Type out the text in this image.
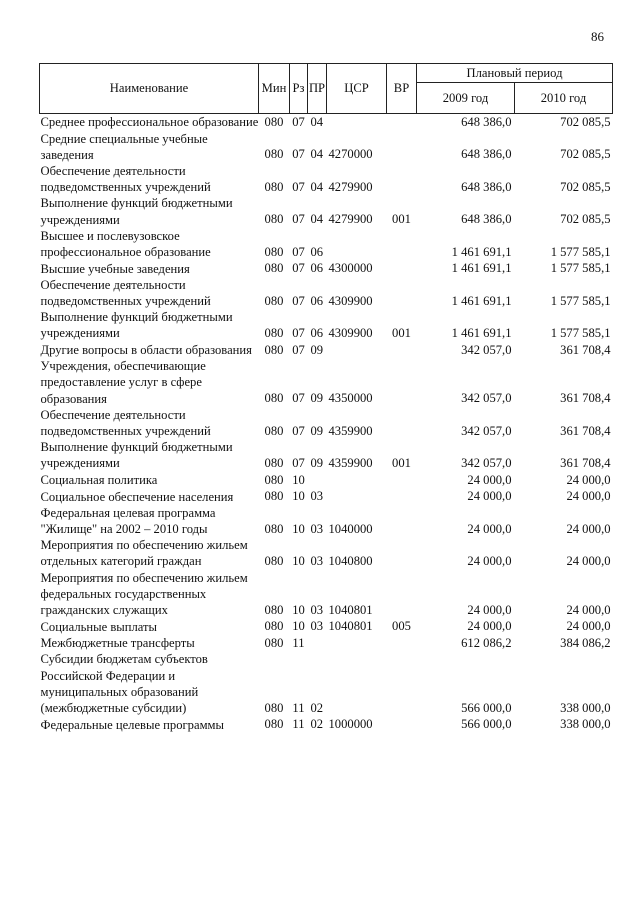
86
Наименование	Мин	Рз	ПР	ЦСР	ВР	Плановый период	
						2009 год	2010 год
Среднее профессиональное образование	080	07	04			648 386,0	702 085,5
Средние специальные учебные заведения	080	07	04	4270000		648 386,0	702 085,5
Обеспечение деятельности подведомственных учреждений	080	07	04	4279900		648 386,0	702 085,5
Выполнение функций бюджетными учреждениями	080	07	04	4279900	001	648 386,0	702 085,5
Высшее и послевузовское профессиональное образование	080	07	06			1 461 691,1	1 577 585,1
Высшие учебные заведения	080	07	06	4300000		1 461 691,1	1 577 585,1
Обеспечение деятельности подведомственных учреждений	080	07	06	4309900		1 461 691,1	1 577 585,1
Выполнение функций бюджетными учреждениями	080	07	06	4309900	001	1 461 691,1	1 577 585,1
Другие вопросы в области образования	080	07	09			342 057,0	361 708,4
Учреждения, обеспечивающие предоставление услуг в сфере образования	080	07	09	4350000		342 057,0	361 708,4
Обеспечение деятельности подведомственных учреждений	080	07	09	4359900		342 057,0	361 708,4
Выполнение функций бюджетными учреждениями	080	07	09	4359900	001	342 057,0	361 708,4
Социальная политика	080	10				24 000,0	24 000,0
Социальное обеспечение населения	080	10	03			24 000,0	24 000,0
Федеральная целевая программа "Жилище" на 2002 – 2010 годы	080	10	03	1040000		24 000,0	24 000,0
Мероприятия по обеспечению жильем отдельных категорий граждан	080	10	03	1040800		24 000,0	24 000,0
Мероприятия по обеспечению жильем федеральных государственных гражданских служащих	080	10	03	1040801		24 000,0	24 000,0
Социальные выплаты	080	10	03	1040801	005	24 000,0	24 000,0
Межбюджетные трансферты	080	11				612 086,2	384 086,2
Субсидии бюджетам субъектов Российской Федерации и муниципальных образований (межбюджетные субсидии)	080	11	02			566 000,0	338 000,0
Федеральные целевые программы	080	11	02	1000000		566 000,0	338 000,0
